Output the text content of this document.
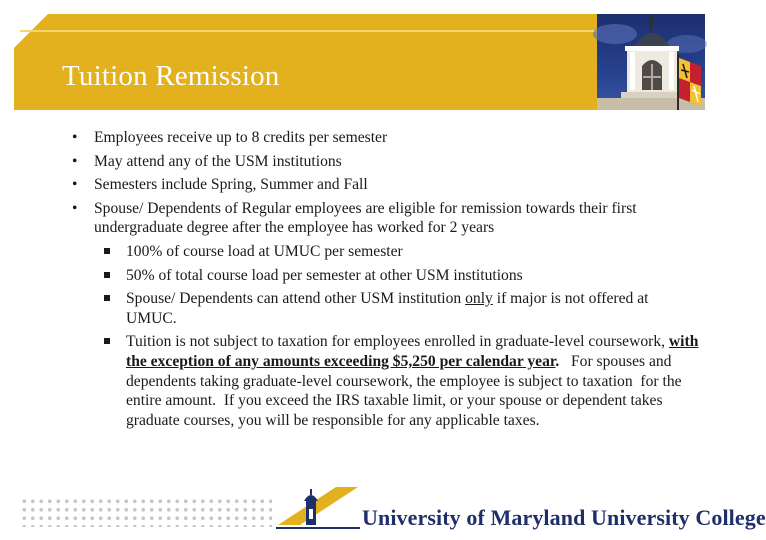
Tuition Remission
• Employees receive up to 8 credits per semester
• May attend any of the USM institutions
• Semesters include Spring, Summer and Fall
• Spouse/ Dependents of Regular employees are eligible for remission towards their first undergraduate degree after the employee has worked for 2 years
100% of course load at UMUC per semester
50% of total course load per semester at other USM institutions
Spouse/ Dependents can attend other USM institution only if major is not offered at UMUC.
Tuition is not subject to taxation for employees enrolled in graduate-level coursework, with the exception of any amounts exceeding $5,250 per calendar year.   For spouses and dependents taking graduate-level coursework, the employee is subject to taxation  for the entire amount.  If you exceed the IRS taxable limit, or your spouse or dependent takes graduate courses, you will be responsible for any applicable taxes.
University of Maryland University College
